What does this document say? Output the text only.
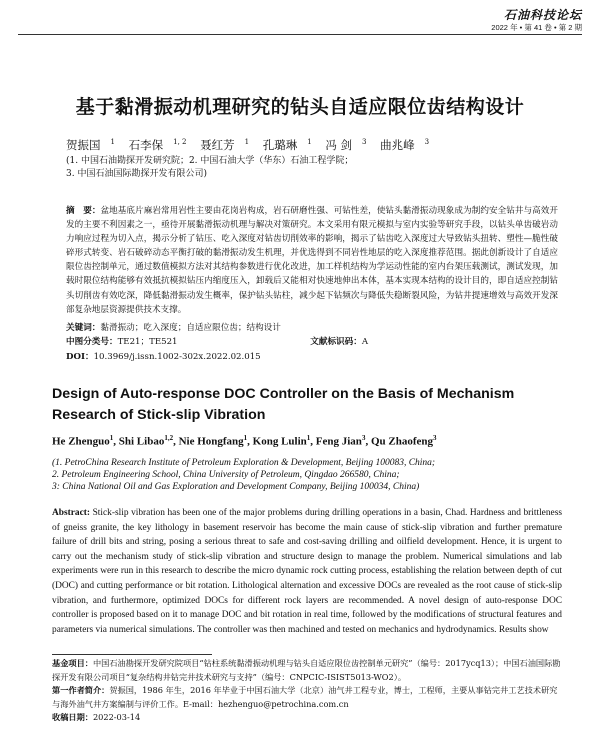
石油科技论坛
2022 年 • 第 41 卷 • 第 2 期
基于黏滑振动机理研究的钻头自适应限位齿结构设计
贺振国 $^1$ 石李保 $^{1, 2}$ 聂红芳 $^1$ 孔璐琳 $^1$ 冯 剑 $^3$ 曲兆峰 $^3$
(1. 中国石油勘探开发研究院；2. 中国石油大学（华东）石油工程学院；
3. 中国石油国际勘探开发有限公司)
摘　要：盆地基底片麻岩常用岩性主要由花岗岩构成，岩石研磨性强、可钻性差，使钻头黏滑振动现象成为制约安全钻井与高效开发的主要不利因素之一，亟待开展黏滑振动机理与解决对策研究。本文采用有限元模拟与室内实验等研究手段，以钻头单齿破岩动力响应过程为切入点，揭示分析了钻压、吃入深度对钻齿切削效率的影响，揭示了钻齿吃入深度过大导致钻头扭转、塑性—脆性破碎形式转变、岩石破碎动态平衡打破的黏滑振动发生机理，并优选得到不同岩性地层的吃入深度推荐范围。据此创新设计了自适应限位齿控制单元，通过数值模拟方法对其结构参数进行优化改进，加工样机结构为学运动性能的室内台架压载测试，测试发现，加载时限位结构能够有效抵抗模拟钻压内缩度压入，卸载后又能相对快速地伸出本体，基本实现本结构的设计目的，即自适应控制钻头切削齿有效吃深，降低黏滑振动发生概率，保护钻头钻柱，减少起下钻频次与降低失稳断裂风险，为钻井提速增效与高效开发深部复杂地层资源提供技术支撑。
关键词：黏滑振动；吃入深度；自适应限位齿；结构设计
中图分类号：TE21；TE521	文献标识码：A
DOI：10.3969/j.issn.1002-302x.2022.02.015
Design of Auto-response DOC Controller on the Basis of Mechanism Research of Stick-slip Vibration
He Zhenguo$^1$, Shi Libao$^{1,2}$, Nie Hongfang$^1$, Kong Lulin$^1$, Feng Jian$^3$, Qu Zhaofeng$^3$
(1. PetroChina Research Institute of Petroleum Exploration & Development, Beijing 100083, China;
2. Petroleum Engineering School, China University of Petroleum, Qingdao 266580, China;
3: China National Oil and Gas Exploration and Development Company, Beijing 100034, China)
Abstract: Stick-slip vibration has been one of the major problems during drilling operations in a basin, Chad. Hardness and brittleness of gneiss granite, the key lithology in basement reservoir has become the main cause of stick-slip vibration and further premature failure of drill bits and string, posing a serious threat to safe and cost-saving drilling and oilfield development. Hence, it is urgent to carry out the mechanism study of stick-slip vibration and structure design to manage the problem. Numerical simulations and lab experiments were run in this research to describe the micro dynamic rock cutting process, establishing the relation between depth of cut (DOC) and cutting performance or bit rotation. Lithological alternation and excessive DOCs are revealed as the root cause of stick-slip vibration, and furthermore, optimized DOCs for different rock layers are recommended. A novel design of auto-response DOC controller is proposed based on it to manage DOC and bit rotation in real time, followed by the modifications of structural features and parameters via numerical simulations. The controller was then machined and tested on mechanics and hydrodynamics. Results show
基金项目：中国石油勘探开发研究院项目“钻柱系统黏滑振动机理与钻头自适应限位齿控制单元研究”（编号：2017ycq13）；中国石油国际勘探开发有限公司项目“复杂结构井钻完井技术研究与支持”（编号：CNPCIC-ISIST5013-WO2）。
第一作者简介：贺振国，1986 年生，2016 年毕业于中国石油大学（北京）油气井工程专业，博士，工程师，主要从事钻完井工艺技术研究与海外油气井方案编制与评价工作。E-mail：hezhenguo@petrochina.com.cn
收稿日期：2022-03-14
